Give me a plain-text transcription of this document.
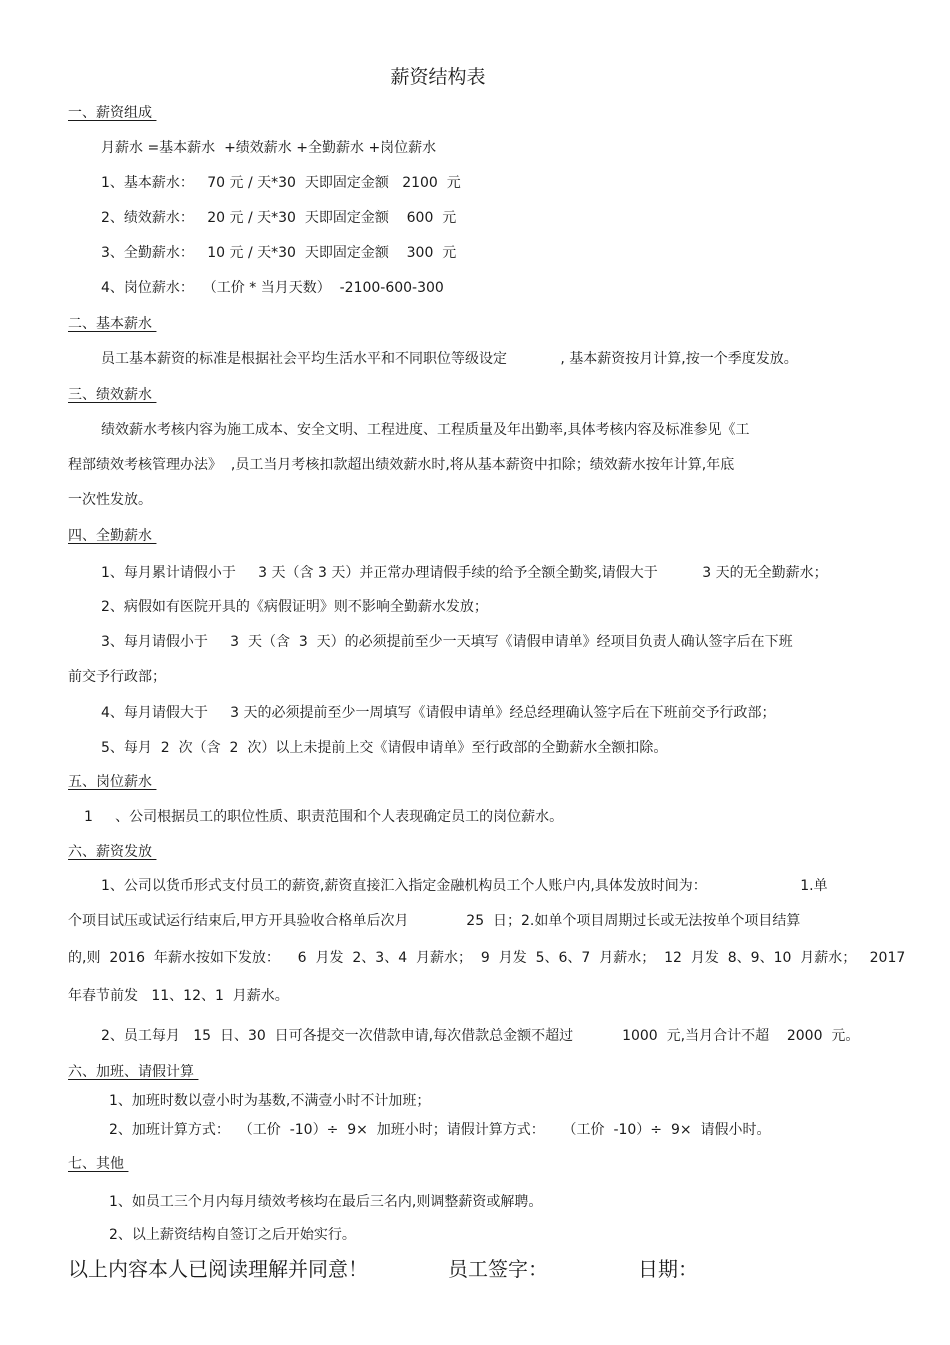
薪资结构表
一、薪资组成
月薪水 =基本薪水  +绩效薪水 +全勤薪水 +岗位薪水
1、基本薪水：   70 元 / 天*30  天即固定金额   2100  元
2、绩效薪水：   20 元 / 天*30  天即固定金额    600  元
3、全勤薪水：   10 元 / 天*30  天即固定金额    300  元
4、岗位薪水：  （工价 * 当月天数）  -2100-600-300
二、基本薪水
员工基本薪资的标准是根据社会平均生活水平和不同职位等级设定            , 基本薪资按月计算,按一个季度发放。
三、绩效薪水
绩效薪水考核内容为施工成本、安全文明、工程进度、工程质量及年出勤率,具体考核内容及标准参见《工
程部绩效考核管理办法》  ,员工当月考核扣款超出绩效薪水时,将从基本薪资中扣除；绩效薪水按年计算,年底
一次性发放。
四、全勤薪水
1、每月累计请假小于     3 天（含 3 天）并正常办理请假手续的给予全额全勤奖,请假大于          3 天的无全勤薪水；
2、病假如有医院开具的《病假证明》则不影响全勤薪水发放；
3、每月请假小于     3  天（含  3  天）的必须提前至少一天填写《请假申请单》经项目负责人确认签字后在下班
前交予行政部；
4、每月请假大于     3 天的必须提前至少一周填写《请假申请单》经总经理确认签字后在下班前交予行政部；
5、每月  2  次（含  2  次）以上未提前上交《请假申请单》至行政部的全勤薪水全额扣除。
五、岗位薪水
1     、公司根据员工的职位性质、职责范围和个人表现确定员工的岗位薪水。
六、薪资发放
1、公司以货币形式支付员工的薪资,薪资直接汇入指定金融机构员工个人账户内,具体发放时间为：                     1.单
个项目试压或试运行结束后,甲方开具验收合格单后次月             25  日；2.如单个项目周期过长或无法按单个项目结算
的,则  2016  年薪水按如下发放：    6  月发  2、3、4  月薪水；  9  月发  5、6、7  月薪水；  12  月发  8、9、10  月薪水；   2017
年春节前发   11、12、1  月薪水。
2、员工每月   15  日、30  日可各提交一次借款申请,每次借款总金额不超过           1000  元,当月合计不超    2000  元。
六、加班、请假计算
1、加班时数以壹小时为基数,不满壹小时不计加班；
2、加班计算方式：  （工价  -10）÷  9×  加班小时；请假计算方式：    （工价  -10）÷  9×  请假小时。
七、其他
1、如员工三个月内每月绩效考核均在最后三名内,则调整薪资或解聘。
2、以上薪资结构自签订之后开始实行。
以上内容本人已阅读理解并同意！	员工签字：	日期：
